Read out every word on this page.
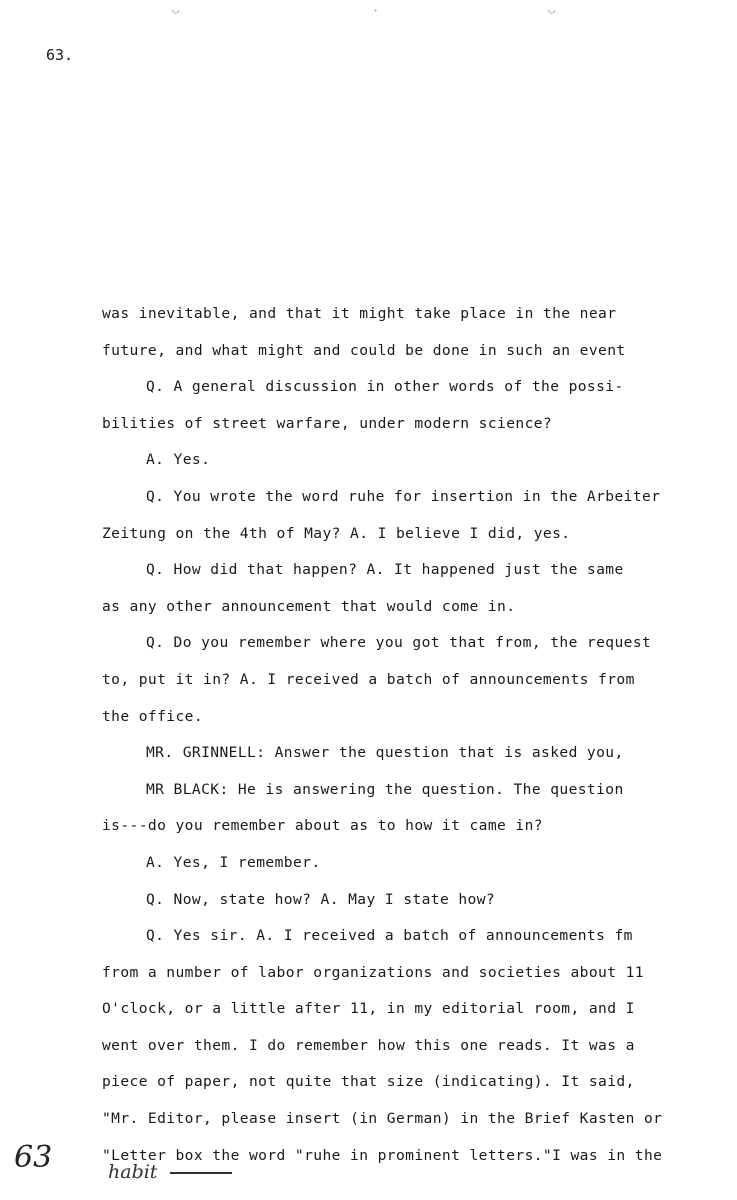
◡	·	◡
63.
was inevitable, and that it might take place in the near
future, and what might and could be done in such an event
Q. A general discussion in other words of the possi-
bilities of street warfare, under modern science?
A. Yes.
Q. You wrote the word ruhe for insertion in the Arbeiter
Zeitung on the 4th of May? A. I believe I did, yes.
Q. How did that happen? A. It happened just the same
as any other announcement that would come in.
Q. Do you remember where you got that from, the request
to, put it in? A. I received a batch of announcements from
the office.
MR. GRINNELL: Answer the question that is asked you,
MR BLACK: He is answering the question. The question
is---do you remember about as to how it came in?
A. Yes, I remember.
Q. Now, state how? A. May I state how?
Q. Yes sir. A. I received a batch of announcements fm
from a number of labor organizations and societies about 11
O'clock, or a little after 11, in my editorial room, and I
went over them. I do remember how this one reads. It was a
piece of paper, not quite that size (indicating). It said,
"Mr. Editor, please insert (in German) in the Brief Kasten or
"Letter box the word "ruhe in prominent letters."I was in the
63	habit
